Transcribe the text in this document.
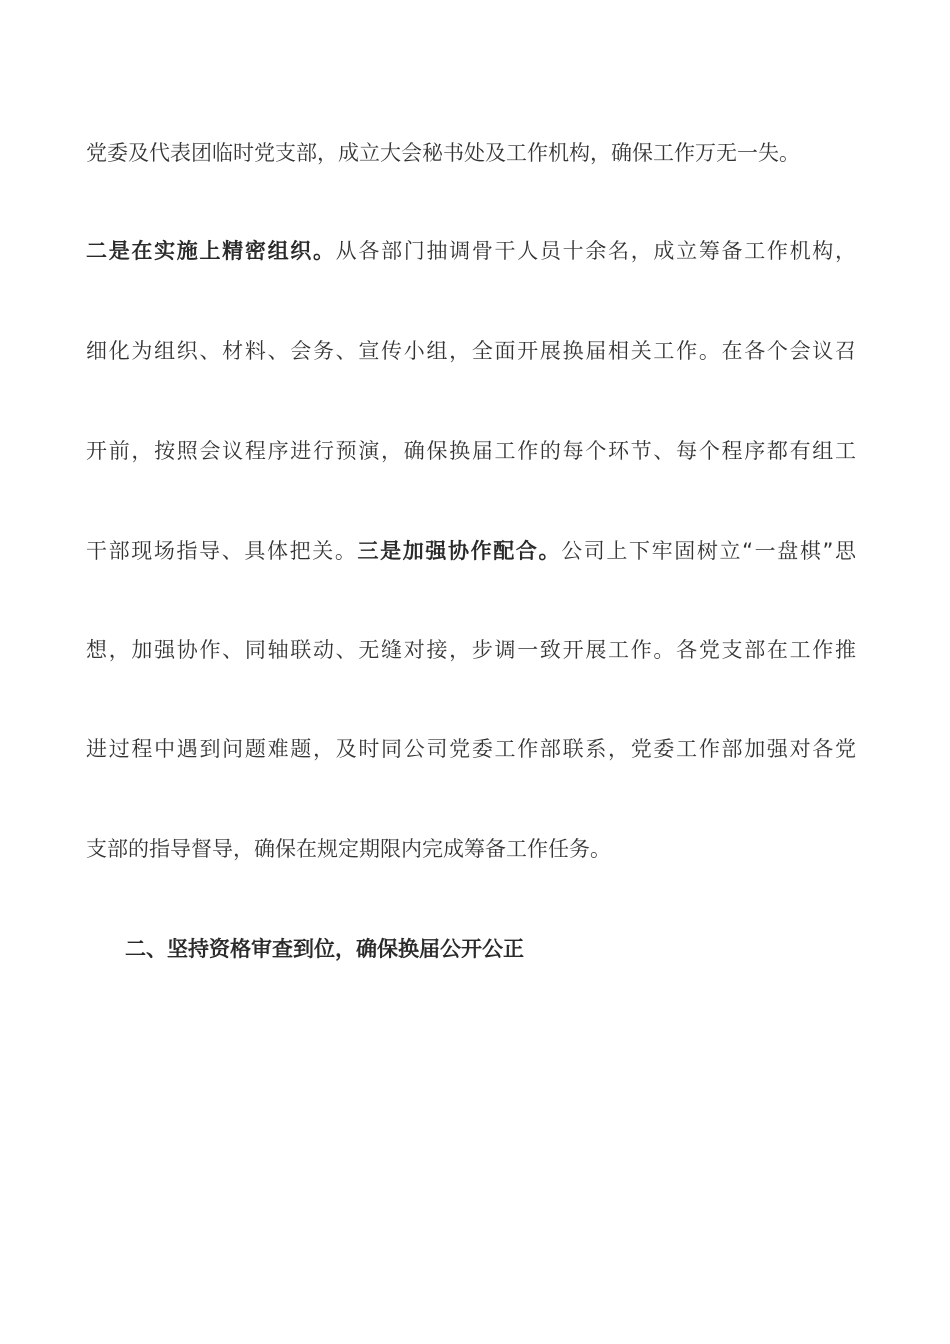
党委及代表团临时党支部，成立大会秘书处及工作机构，确保工作万无一失。
二是在实施上精密组织。从各部门抽调骨干人员十余名，成立筹备工作机构，
细化为组织、材料、会务、宣传小组，全面开展换届相关工作。在各个会议召
开前，按照会议程序进行预演，确保换届工作的每个环节、每个程序都有组工
干部现场指导、具体把关。三是加强协作配合。公司上下牢固树立“一盘棋”思
想，加强协作、同轴联动、无缝对接，步调一致开展工作。各党支部在工作推
进过程中遇到问题难题，及时同公司党委工作部联系，党委工作部加强对各党
支部的指导督导，确保在规定期限内完成筹备工作任务。
二、坚持资格审查到位，确保换届公开公正
